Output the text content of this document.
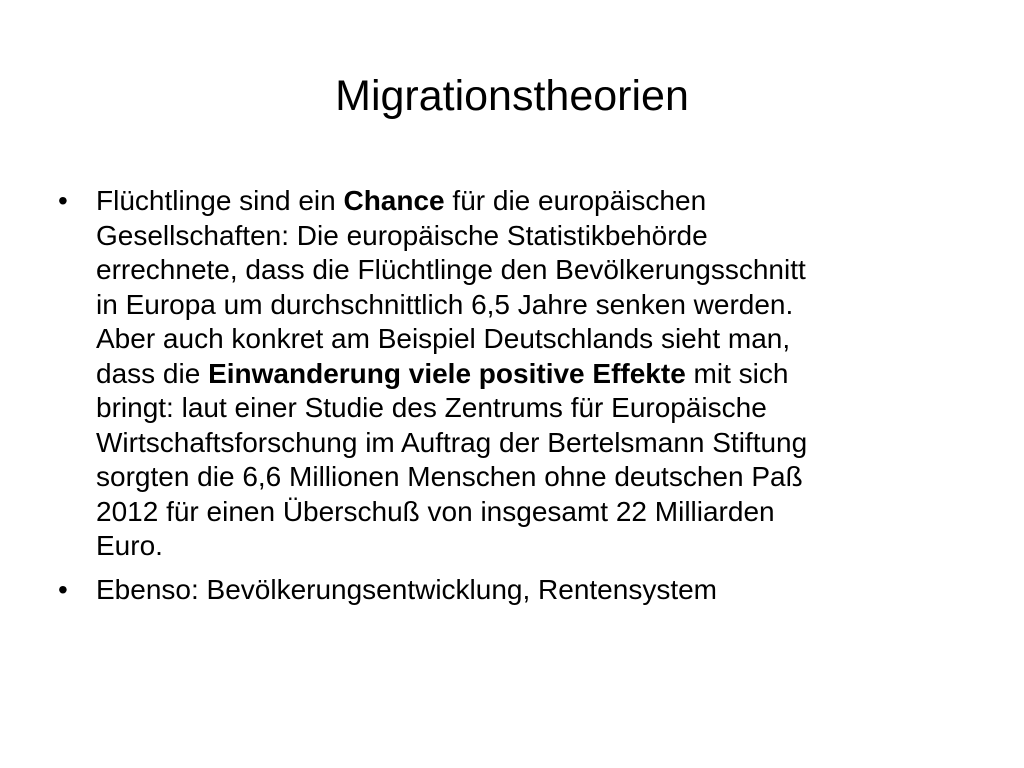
Migrationstheorien
• Flüchtlinge sind ein Chance für die europäischen
Gesellschaften: Die europäische Statistikbehörde
errechnete, dass die Flüchtlinge den Bevölkerungsschnitt
in Europa um durchschnittlich 6,5 Jahre senken werden.
Aber auch konkret am Beispiel Deutschlands sieht man,
dass die Einwanderung viele positive Effekte mit sich
bringt: laut einer Studie des Zentrums für Europäische
Wirtschaftsforschung im Auftrag der Bertelsmann Stiftung
sorgten die 6,6 Millionen Menschen ohne deutschen Paß
2012 für einen Überschuß von insgesamt 22 Milliarden
Euro.
• Ebenso: Bevölkerungsentwicklung, Rentensystem
